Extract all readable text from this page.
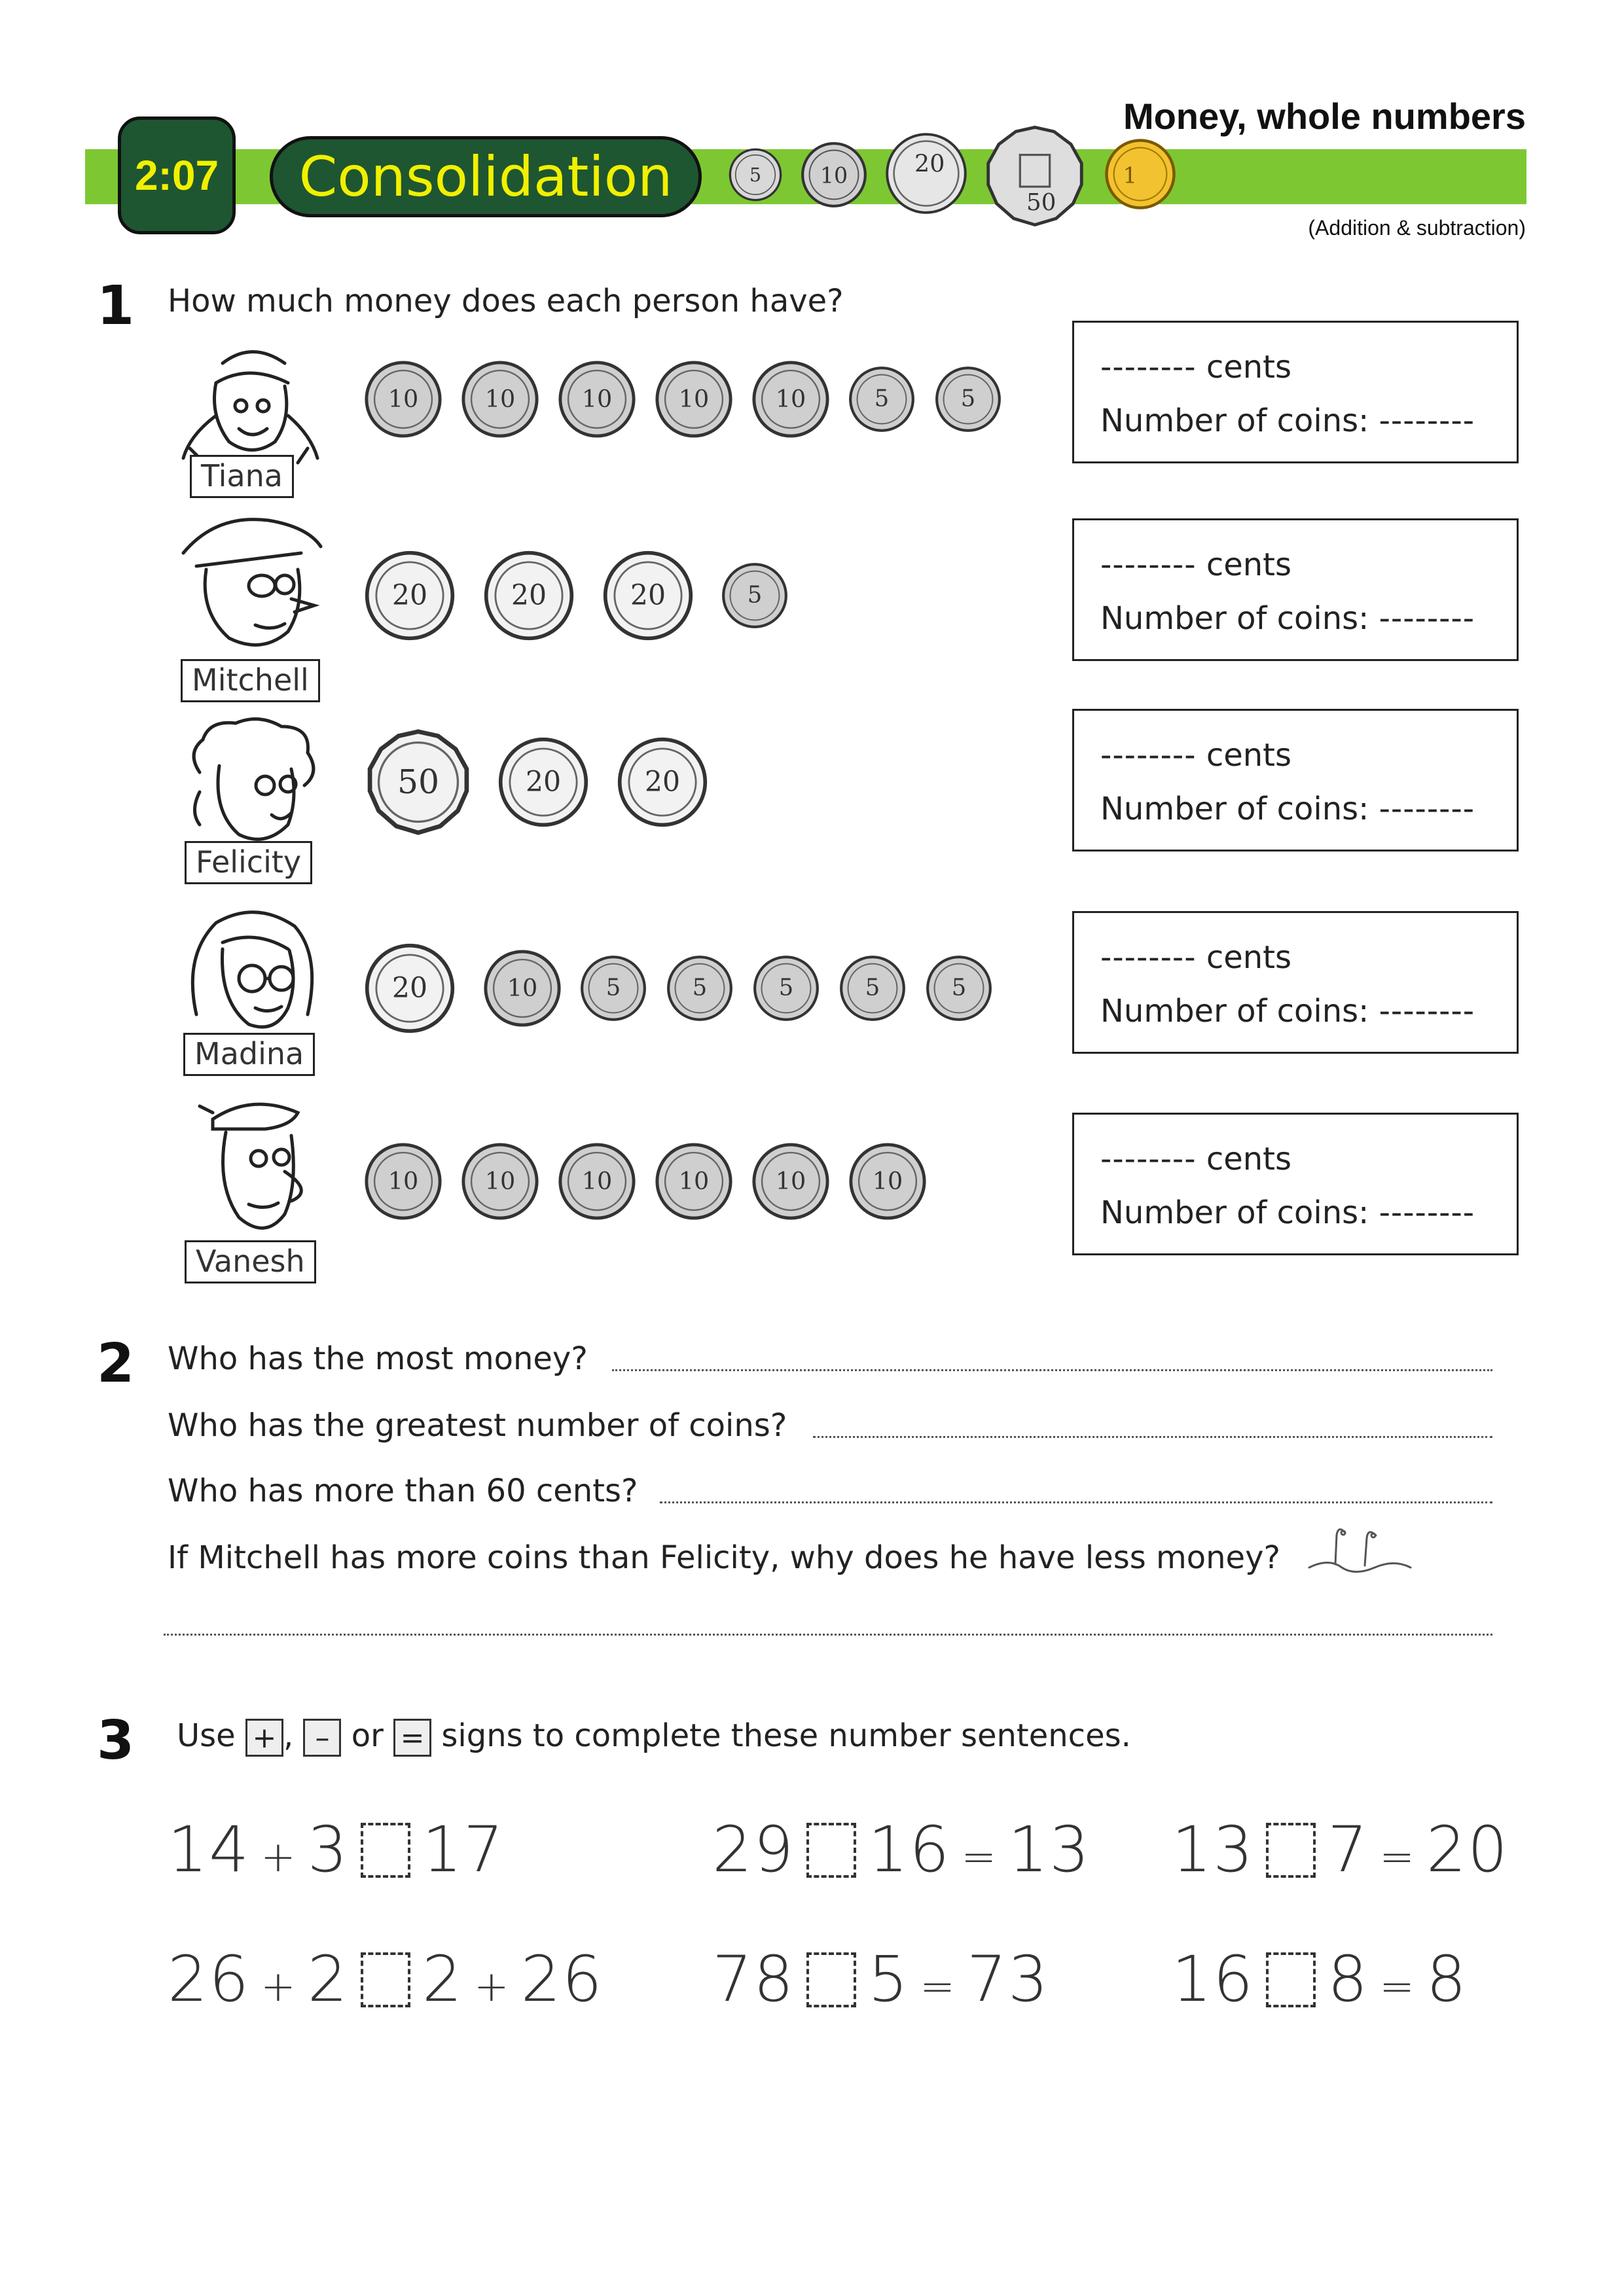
Money, whole numbers
2:07 Consolidation
(Addition & subtraction)
5	10	20
50
1
1 How much money does each person have?
Tiana
Mitchell
Felicity
Madina
Vanesh
10	10	10	10	10	5	5
20	20	20	5
50	20	20
20	10	5	5	5	5	5
10	10	10	10	10	10
-------- cents
Number of coins: --------
-------- cents
Number of coins: --------
-------- cents
Number of coins: --------
-------- cents
Number of coins: --------
-------- cents
Number of coins: --------
2 Who has the most money?
Who has the greatest number of coins?
Who has more than 60 cents?
If Mitchell has more coins than Felicity, why does he have less money?
3 Use + , – or = signs to complete these number sentences.
14 + 3 17	29 16 = 13 13 7 = 20
26 + 2 2 + 26 78 5 = 73 16 8 = 8
